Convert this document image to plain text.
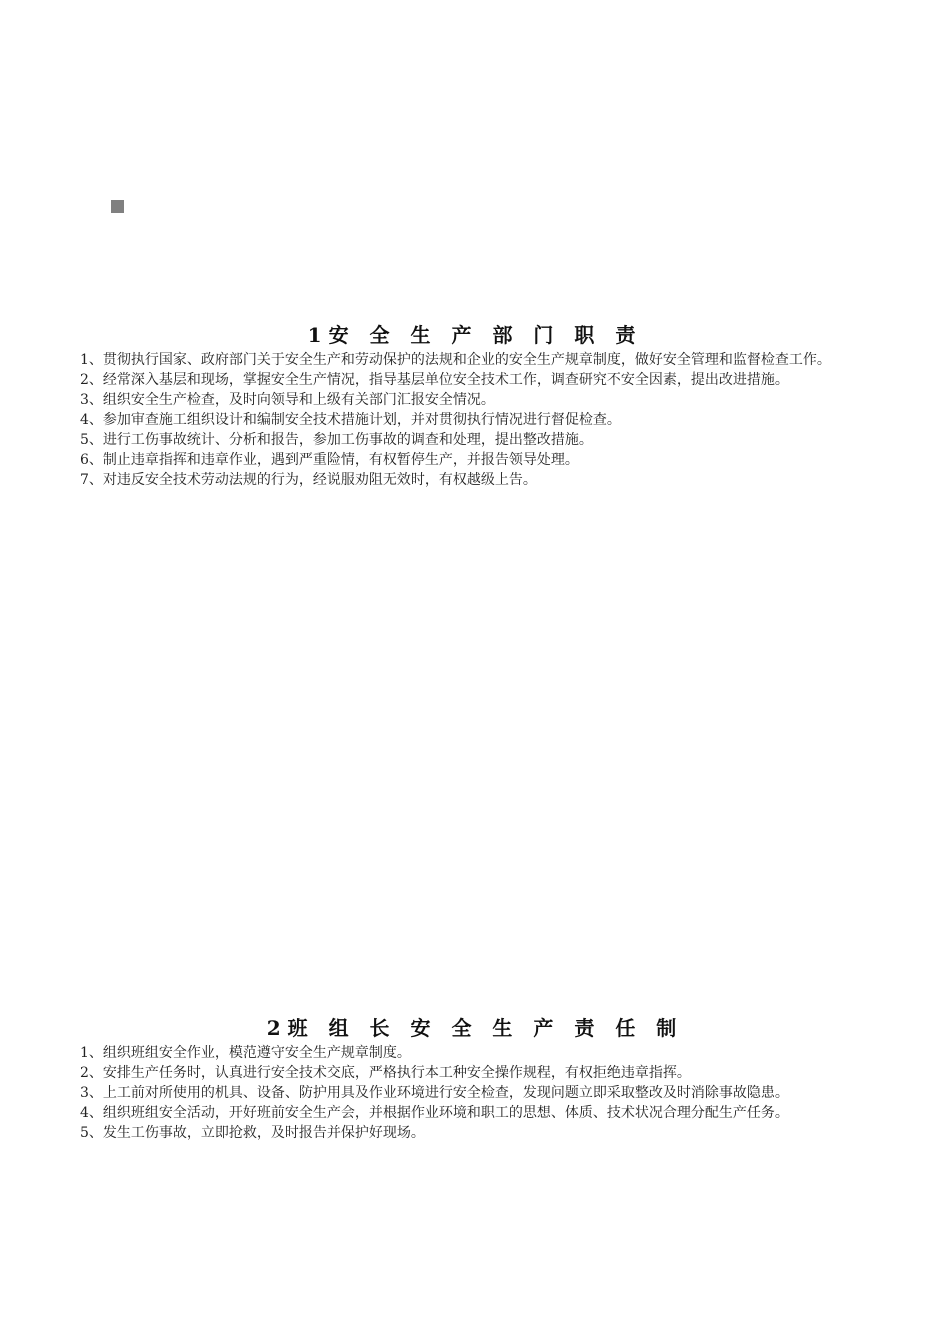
1安 全 生 产 部 门 职 责
1、贯彻执行国家、政府部门关于安全生产和劳动保护的法规和企业的安全生产规章制度，做好安全管理和监督检查工作。
2、经常深入基层和现场，掌握安全生产情况，指导基层单位安全技术工作，调查研究不安全因素，提出改进措施。
3、组织安全生产检查，及时向领导和上级有关部门汇报安全情况。
4、参加审查施工组织设计和编制安全技术措施计划，并对贯彻执行情况进行督促检查。
5、进行工伤事故统计、分析和报告，参加工伤事故的调查和处理，提出整改措施。
6、制止违章指挥和违章作业，遇到严重险情，有权暂停生产，并报告领导处理。
7、对违反安全技术劳动法规的行为，经说服劝阻无效时，有权越级上告。
2班 组 长 安 全 生 产 责 任 制
1、组织班组安全作业，模范遵守安全生产规章制度。
2、安排生产任务时，认真进行安全技术交底，严格执行本工种安全操作规程，有权拒绝违章指挥。
3、上工前对所使用的机具、设备、防护用具及作业环境进行安全检查，发现问题立即采取整改及时消除事故隐患。
4、组织班组安全活动，开好班前安全生产会，并根据作业环境和职工的思想、体质、技术状况合理分配生产任务。
5、发生工伤事故，立即抢救，及时报告并保护好现场。
